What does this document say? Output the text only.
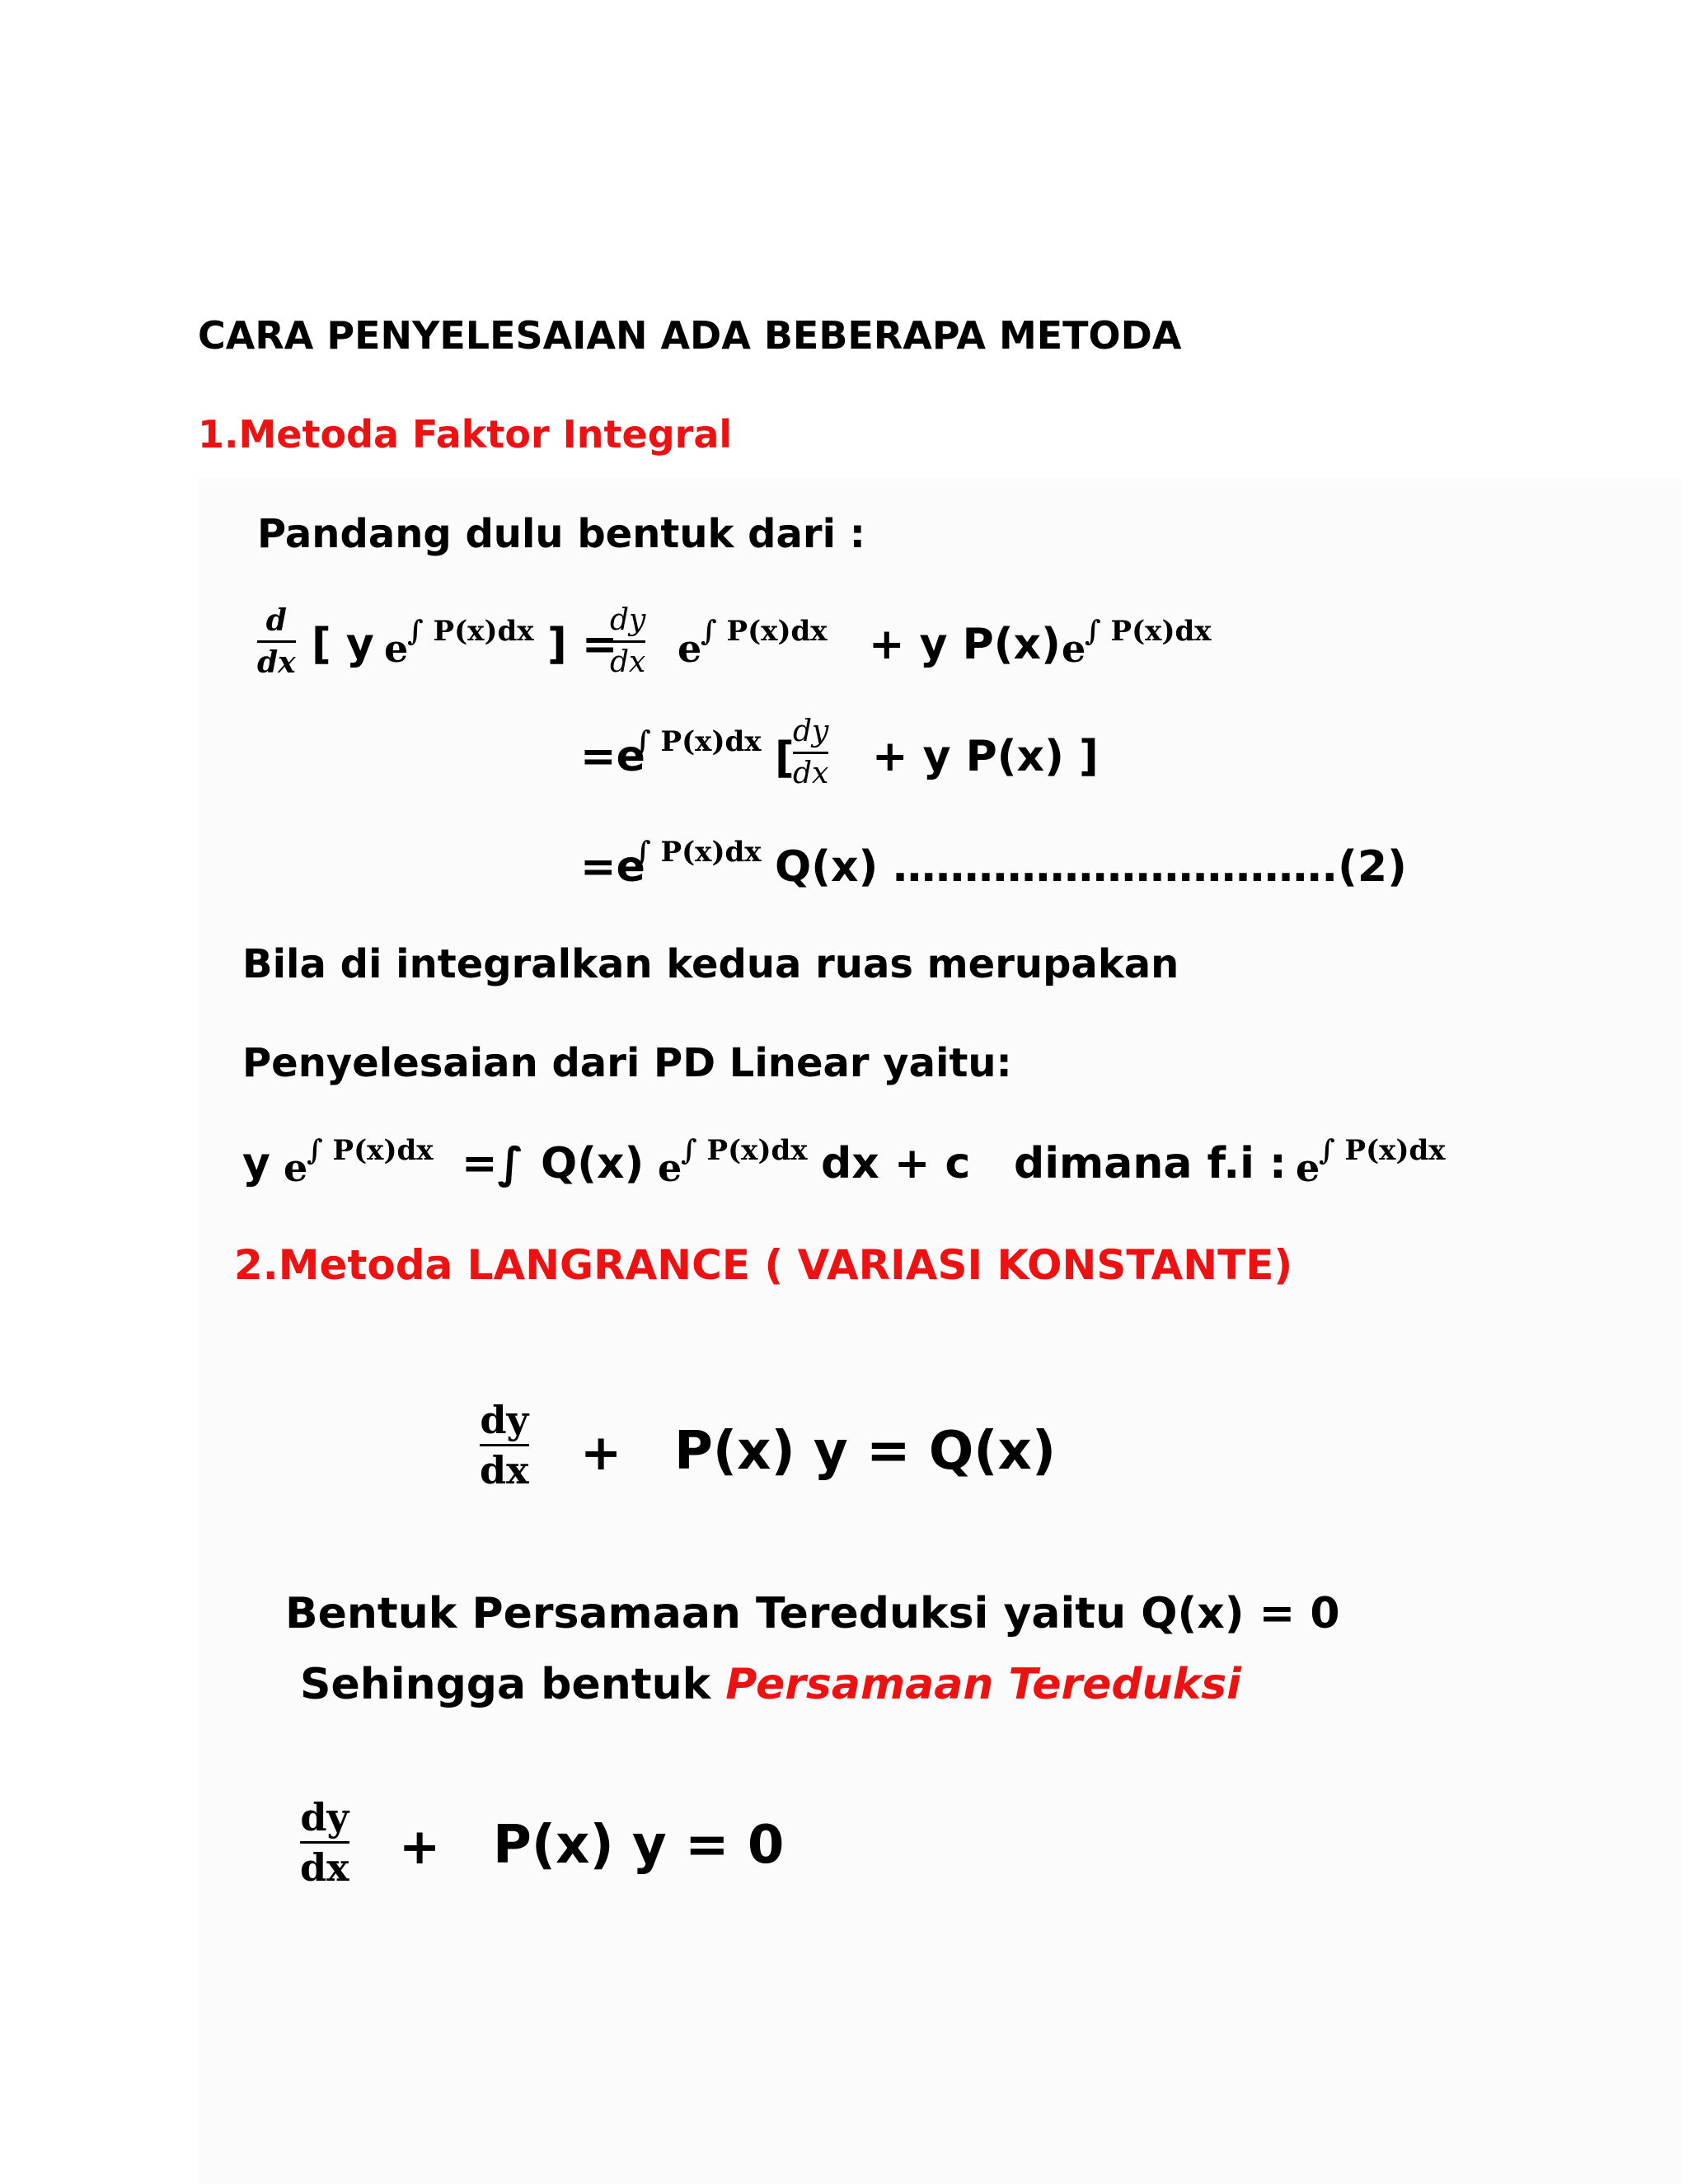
CARA PENYELESAIAN ADA BEBERAPA METODA
1.Metoda Faktor Integral
Pandang dulu bentuk dari :
d
dx [ y e
∫ P(x)dx ] =
dy
dx e
∫ P(x)dx + y P(x) e
∫ P(x)dx
=e
∫ P(x)dx [
dy
dx + y P(x) ]
=e
∫ P(x)dx Q(x) ………………………….(2)
Bila di integralkan kedua ruas merupakan
Penyelesaian dari PD Linear yaitu:
y e
∫ P(x)dx =∫ Q(x) e
∫ P(x)dx dx + c dimana f.i : e
∫ P(x)dx
2.Metoda LANGRANCE ( VARIASI KONSTANTE)
dy
dx + P(x) y = Q(x)
Bentuk Persamaan Tereduksi yaitu Q(x) = 0
Sehingga bentuk Persamaan Tereduksi
dy
dx + P(x) y = 0
